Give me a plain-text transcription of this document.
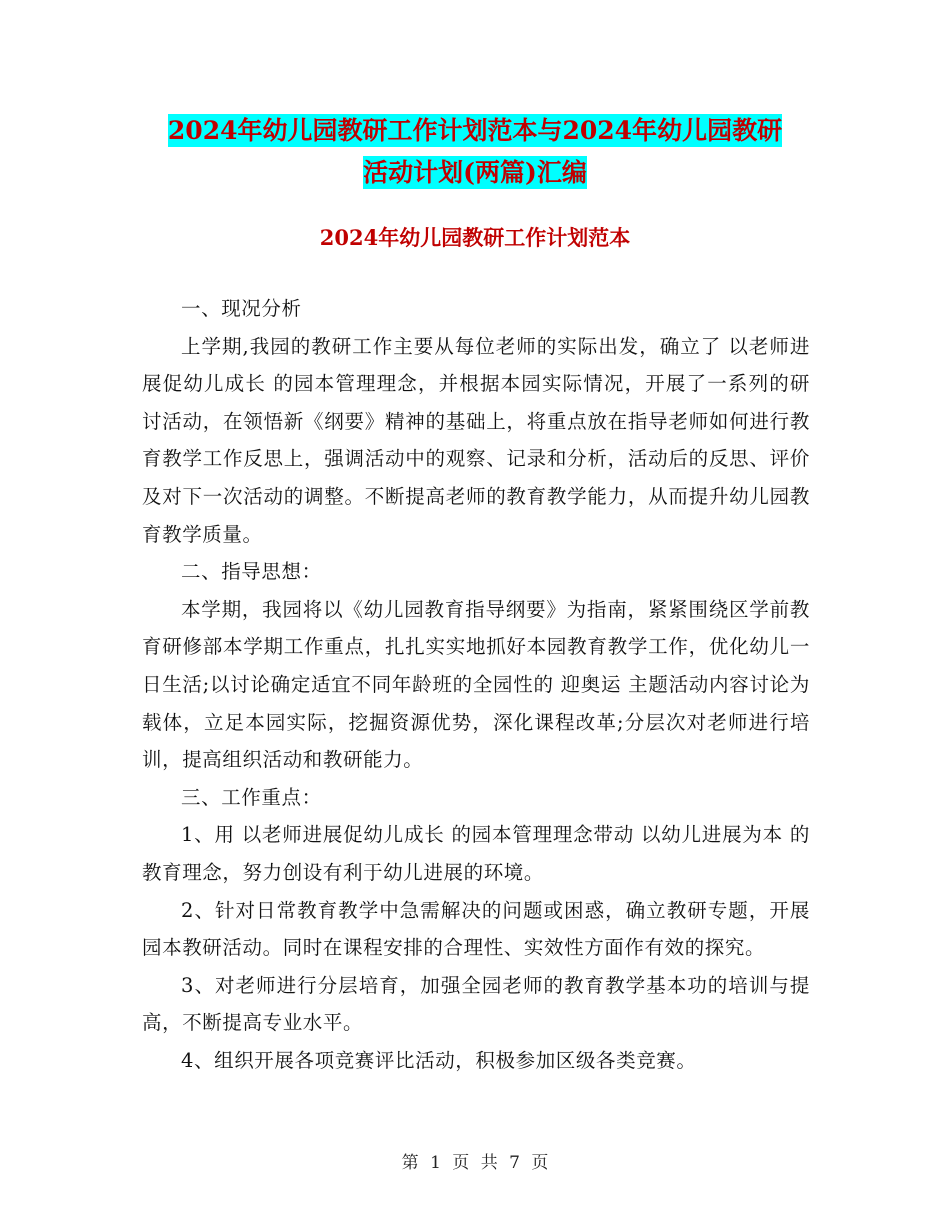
2024年幼儿园教研工作计划范本与2024年幼儿园教研
活动计划(两篇)汇编
2024年幼儿园教研工作计划范本

一、现况分析

上学期,我园的教研工作主要从每位老师的实际出发，确立了 以老师进展促幼儿成长 的园本管理理念，并根据本园实际情况，开展了一系列的研讨活动，在领悟新《纲要》精神的基础上，将重点放在指导老师如何进行教育教学工作反思上，强调活动中的观察、记录和分析，活动后的反思、评价及对下一次活动的调整。不断提高老师的教育教学能力，从而提升幼儿园教育教学质量。

二、指导思想：

本学期，我园将以《幼儿园教育指导纲要》为指南，紧紧围绕区学前教育研修部本学期工作重点，扎扎实实地抓好本园教育教学工作，优化幼儿一日生活;以讨论确定适宜不同年龄班的全园性的 迎奥运 主题活动内容讨论为载体，立足本园实际，挖掘资源优势，深化课程改革;分层次对老师进行培训，提高组织活动和教研能力。

三、工作重点：

1、用 以老师进展促幼儿成长 的园本管理理念带动 以幼儿进展为本 的教育理念，努力创设有利于幼儿进展的环境。

2、针对日常教育教学中急需解决的问题或困惑，确立教研专题，开展园本教研活动。同时在课程安排的合理性、实效性方面作有效的探究。

3、对老师进行分层培育，加强全园老师的教育教学基本功的培训与提高，不断提高专业水平。

4、组织开展各项竞赛评比活动，积极参加区级各类竞赛。

第 1 页 共 7 页
